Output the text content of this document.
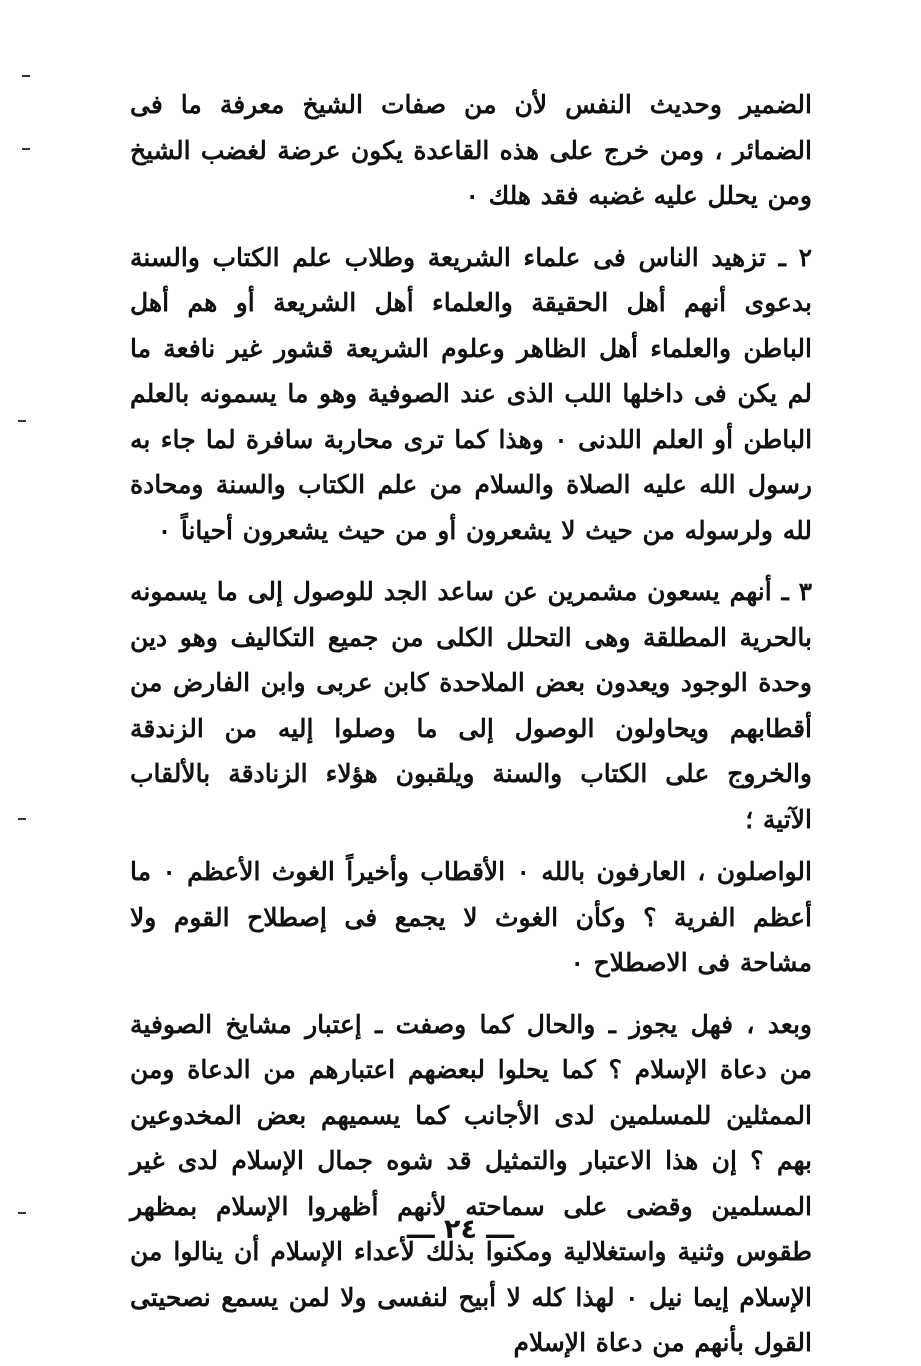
الضمير وحديث النفس لأن من صفات الشيخ معرفة ما فى الضمائر ، ومن خرج على هذه القاعدة يكون عرضة لغضب الشيخ ومن يحلل عليه غضبه فقد هلك ٠

٢ ـ تزهيد الناس فى علماء الشريعة وطلاب علم الكتاب والسنة بدعوى أنهم أهل الحقيقة والعلماء أهل الشريعة أو هم أهل الباطن والعلماء أهل الظاهر وعلوم الشريعة قشور غير نافعة ما لم يكن فى داخلها اللب الذى عند الصوفية وهو ما يسمونه بالعلم الباطن أو العلم اللدنى ٠ وهذا كما ترى محاربة سافرة لما جاء به رسول الله عليه الصلاة والسلام من علم الكتاب والسنة ومحادة لله ولرسوله من حيث لا يشعرون أو من حيث يشعرون أحياناً ٠

٣ ـ أنهم يسعون مشمرين عن ساعد الجد للوصول إلى ما يسمونه بالحرية المطلقة وهى التحلل الكلى من جميع التكاليف وهو دين وحدة الوجود ويعدون بعض الملاحدة كابن عربى وابن الفارض من أقطابهم ويحاولون الوصول إلى ما وصلوا إليه من الزندقة والخروج على الكتاب والسنة ويلقبون هؤلاء الزنادقة بالألقاب الآتية ؛

الواصلون ، العارفون بالله ٠ الأقطاب وأخيراً الغوث الأعظم ٠ ما أعظم الفرية ؟ وكأن الغوث لا يجمع فى إصطلاح القوم ولا مشاحة فى الاصطلاح ٠

وبعد ، فهل يجوز ـ والحال كما وصفت ـ إعتبار مشايخ الصوفية من دعاة الإسلام ؟ كما يحلوا لبعضهم اعتبارهم من الدعاة ومن الممثلين للمسلمين لدى الأجانب كما يسميهم بعض المخدوعين بهم ؟ إن هذا الاعتبار والتمثيل قد شوه جمال الإسلام لدى غير المسلمين وقضى على سماحته لأنهم أظهروا الإسلام بمظهر طقوس وثنية واستغلالية ومكنوا بذلك لأعداء الإسلام أن ينالوا من الإسلام إيما نيل ٠ لهذا كله لا أبيح لنفسى ولا لمن يسمع نصحيتى القول بأنهم من دعاة الإسلام

ـــ ٢٤ ـــ
